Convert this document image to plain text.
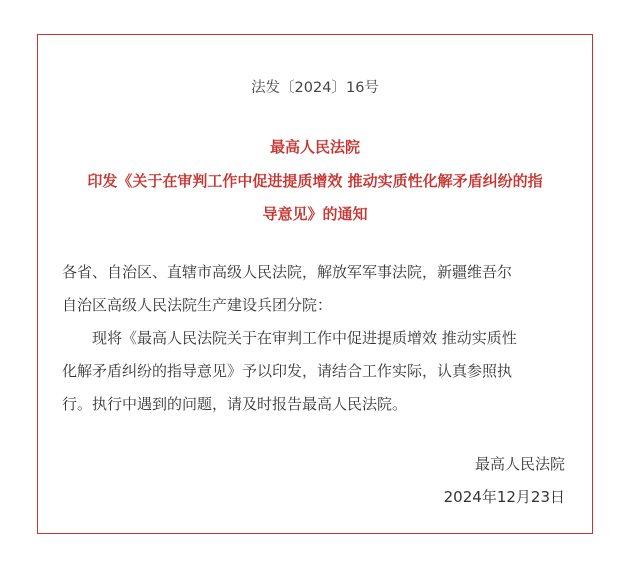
法发〔2024〕16号
最高人民法院
印发《关于在审判工作中促进提质增效 推动实质性化解矛盾纠纷的指
导意见》的通知
各省、自治区、直辖市高级人民法院，解放军军事法院，新疆维吾尔
自治区高级人民法院生产建设兵团分院：
现将《最高人民法院关于在审判工作中促进提质增效 推动实质性
化解矛盾纠纷的指导意见》予以印发，请结合工作实际，认真参照执
行。执行中遇到的问题，请及时报告最高人民法院。
最高人民法院
2024年12月23日
